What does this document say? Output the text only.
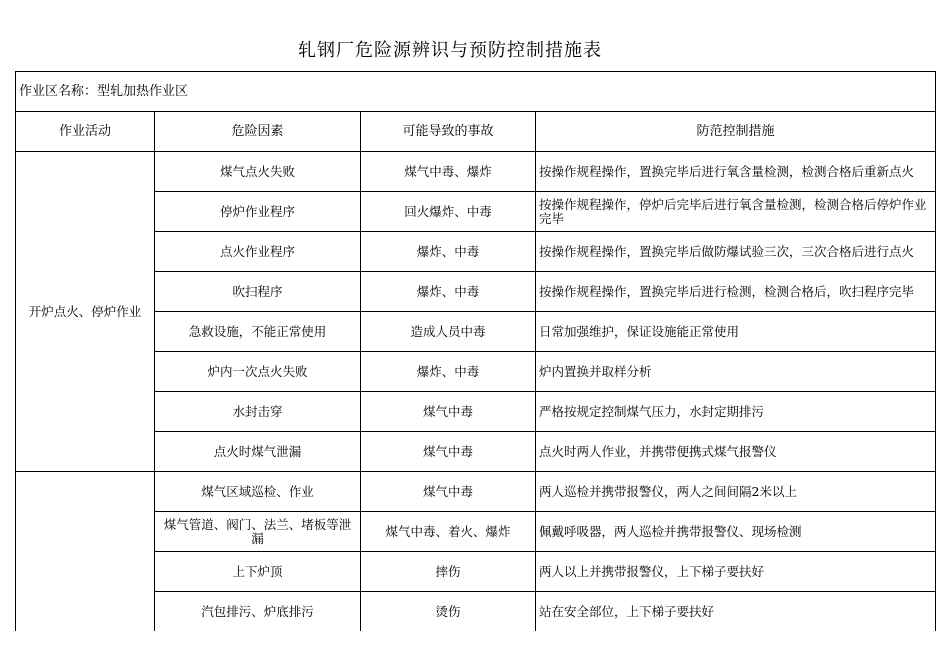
轧钢厂危险源辨识与预防控制措施表
作业区名称：型轧加热作业区			
作业活动	危险因素	可能导致的事故	防范控制措施
开炉点火、停炉作业	煤气点火失败	煤气中毒、爆炸	按操作规程操作，置换完毕后进行氧含量检测，检测合格后重新点火
	停炉作业程序	回火爆炸、中毒	按操作规程操作，停炉后完毕后进行氧含量检测，检测合格后停炉作业完毕
	点火作业程序	爆炸、中毒	按操作规程操作，置换完毕后做防爆试验三次，三次合格后进行点火
	吹扫程序	爆炸、中毒	按操作规程操作，置换完毕后进行检测，检测合格后，吹扫程序完毕
	急救设施，不能正常使用	造成人员中毒	日常加强维护，保证设施能正常使用
	炉内一次点火失败	爆炸、中毒	炉内置换并取样分析
	水封击穿	煤气中毒	严格按规定控制煤气压力，水封定期排污
	点火时煤气泄漏	煤气中毒	点火时两人作业，并携带便携式煤气报警仪
	煤气区域巡检、作业	煤气中毒	两人巡检并携带报警仪，两人之间间隔2米以上
	煤气管道、阀门、法兰、堵板等泄漏	煤气中毒、着火、爆炸	佩戴呼吸器，两人巡检并携带报警仪、现场检测
	上下炉顶	摔伤	两人以上并携带报警仪，上下梯子要扶好
	汽包排污、炉底排污	烫伤	站在安全部位，上下梯子要扶好
